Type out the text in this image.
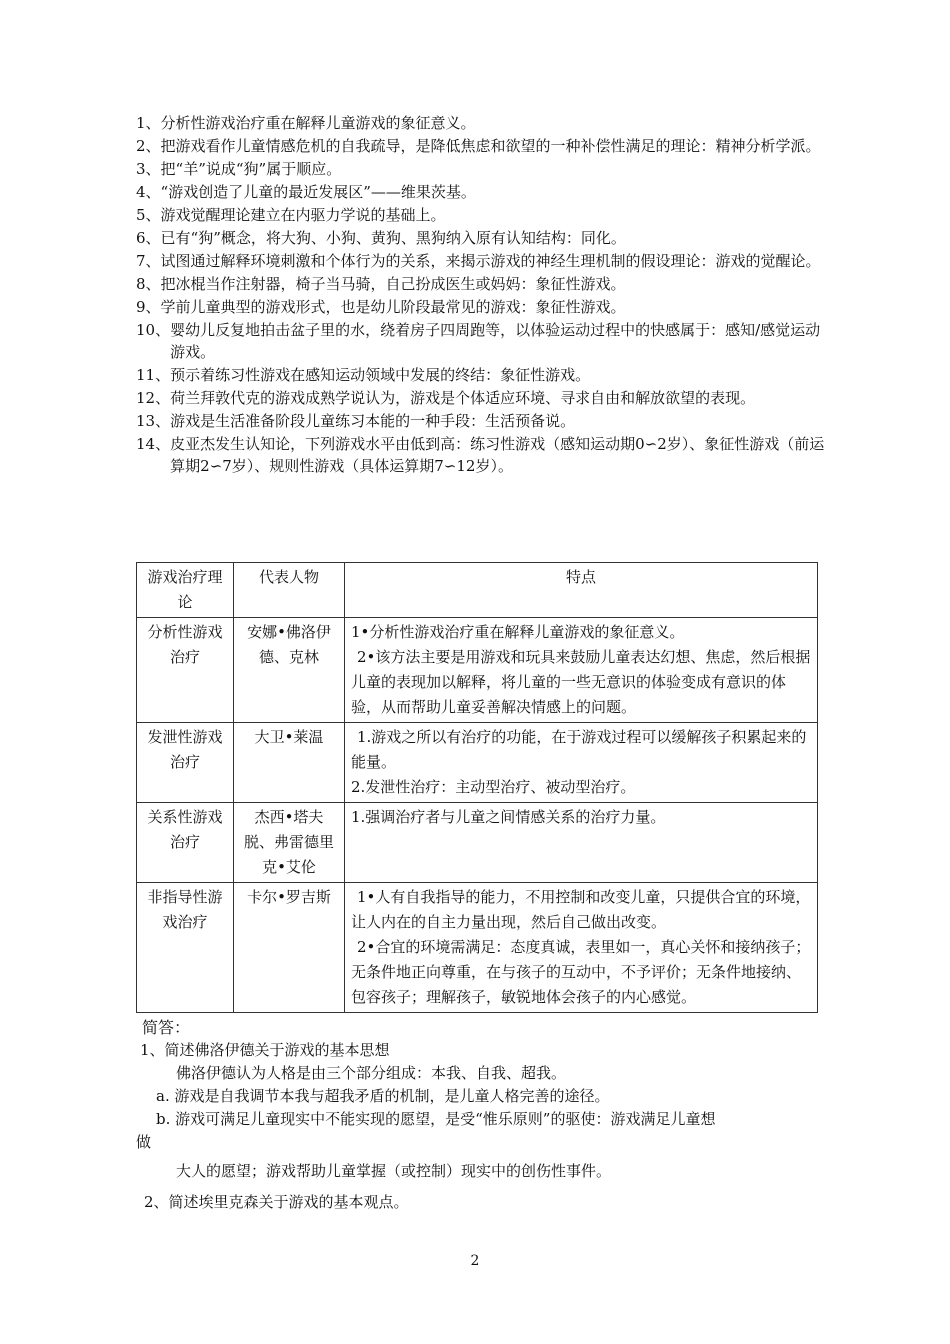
1、 分析性游戏治疗重在解释儿童游戏的象征意义。
2、 把游戏看作儿童情感危机的自我疏导，是降低焦虑和欲望的一种补偿性满足的理论：精神分析学派。
3、 把“羊”说成“狗”属于顺应。
4、 “游戏创造了儿童的最近发展区”——维果茨基。
5、 游戏觉醒理论建立在内驱力学说的基础上。
6、 已有“狗”概念，将大狗、小狗、黄狗、黑狗纳入原有认知结构：同化。
7、 试图通过解释环境刺激和个体行为的关系，来揭示游戏的神经生理机制的假设理论：游戏的觉醒论。
8、 把冰棍当作注射器，椅子当马骑，自己扮成医生或妈妈：象征性游戏。
9、 学前儿童典型的游戏形式，也是幼儿阶段最常见的游戏：象征性游戏。
10、 婴幼儿反复地拍击盆子里的水，绕着房子四周跑等，以体验运动过程中的快感属于：感知/感觉运动游戏。
11、 预示着练习性游戏在感知运动领域中发展的终结：象征性游戏。
12、 荷兰拜敦代克的游戏成熟学说认为，游戏是个体适应环境、寻求自由和解放欲望的表现。
13、 游戏是生活准备阶段儿童练习本能的一种手段：生活预备说。
14、 皮亚杰发生认知论，下列游戏水平由低到高：练习性游戏（感知运动期0∽2岁）、象征性游戏（前运算期2∽7岁）、规则性游戏（具体运算期7∽12岁）。
游戏治疗理论	代表人物	特点
分析性游戏治疗	安娜•佛洛伊德、克林	1•分析性游戏治疗重在解释儿童游戏的象征意义。
2•该方法主要是用游戏和玩具来鼓励儿童表达幻想、焦虑，然后根据儿童的表现加以解释，将儿童的一些无意识的体验变成有意识的体验，从而帮助儿童妥善解决情感上的问题。

发泄性游戏治疗	大卫•莱温	1.游戏之所以有治疗的功能，在于游戏过程可以缓解孩子积累起来的能量。
2.发泄性治疗：主动型治疗、被动型治疗。

关系性游戏治疗	杰西•塔夫脱、弗雷德里克•艾伦	1.强调治疗者与儿童之间情感关系的治疗力量。

非指导性游戏治疗	卡尔•罗吉斯	1•人有自我指导的能力，不用控制和改变儿童，只提供合宜的环境，让人内在的自主力量出现，然后自己做出改变。
2•合宜的环境需满足：态度真诚，表里如一，真心关怀和接纳孩子；无条件地正向尊重，在与孩子的互动中，不予评价；无条件地接纳、包容孩子；理解孩子，敏锐地体会孩子的内心感觉。
简答：
1、简述佛洛伊德关于游戏的基本思想
佛洛伊德认为人格是由三个部分组成：本我、自我、超我。
a. 游戏是自我调节本我与超我矛盾的机制，是儿童人格完善的途径。
b. 游戏可满足儿童现实中不能实现的愿望，是受“惟乐原则”的驱使：游戏满足儿童想
做
大人的愿望；游戏帮助儿童掌握（或控制）现实中的创伤性事件。
2、简述埃里克森关于游戏的基本观点。
2
